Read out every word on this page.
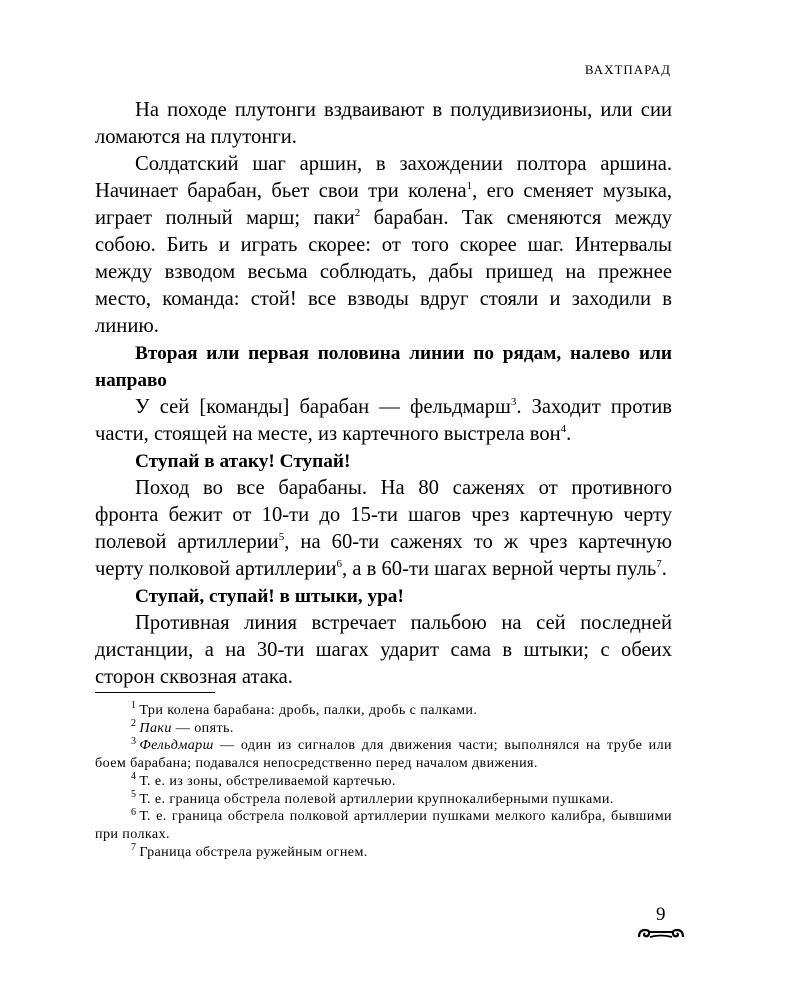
ВАХТПАРАД

На походе плутонги вздваивают в полудивизионы, или сии ломаются на плутонги.

Солдатский шаг аршин, в захождении полтора аршина. Начинает барабан, бьет свои три колена$^1$, его сменяет музыка, играет полный марш; паки$^2$ барабан. Так сменяются между собою. Бить и играть скорее: от того скорее шаг. Интервалы между взводом весьма соблюдать, дабы пришед на прежнее место, команда: стой! все взводы вдруг стояли и заходили в линию.

Вторая или первая половина линии по рядам, налево или направо

У сей [команды] барабан — фельдмарш$^3$. Заходит против части, стоящей на месте, из картечного выстрела вон$^4$.

Ступай в атаку! Ступай!

Поход во все барабаны. На 80 саженях от противного фронта бежит от 10-ти до 15-ти шагов чрез картечную черту полевой артиллерии$^5$, на 60-ти саженях то ж чрез картечную черту полковой артиллерии$^6$, а в 60-ти шагах верной черты пуль$^7$.

Ступай, ступай! в штыки, ура!

Противная линия встречает пальбою на сей последней дистанции, а на 30-ти шагах ударит сама в штыки; с обеих сторон сквозная атака.

$^1$ Три колена барабана: дробь, палки, дробь с палками.

$^2$ Паки — опять.

$^3$ Фельдмарш — один из сигналов для движения части; выполнялся на трубе или боем барабана; подавался непосредственно перед началом движения.

$^4$ Т. е. из зоны, обстреливаемой картечью.

$^5$ Т. е. граница обстрела полевой артиллерии крупнокалиберными пушками.

$^6$ Т. е. граница обстрела полковой артиллерии пушками мелкого калибра, бывшими при полках.

$^7$ Граница обстрела ружейным огнем.

9
